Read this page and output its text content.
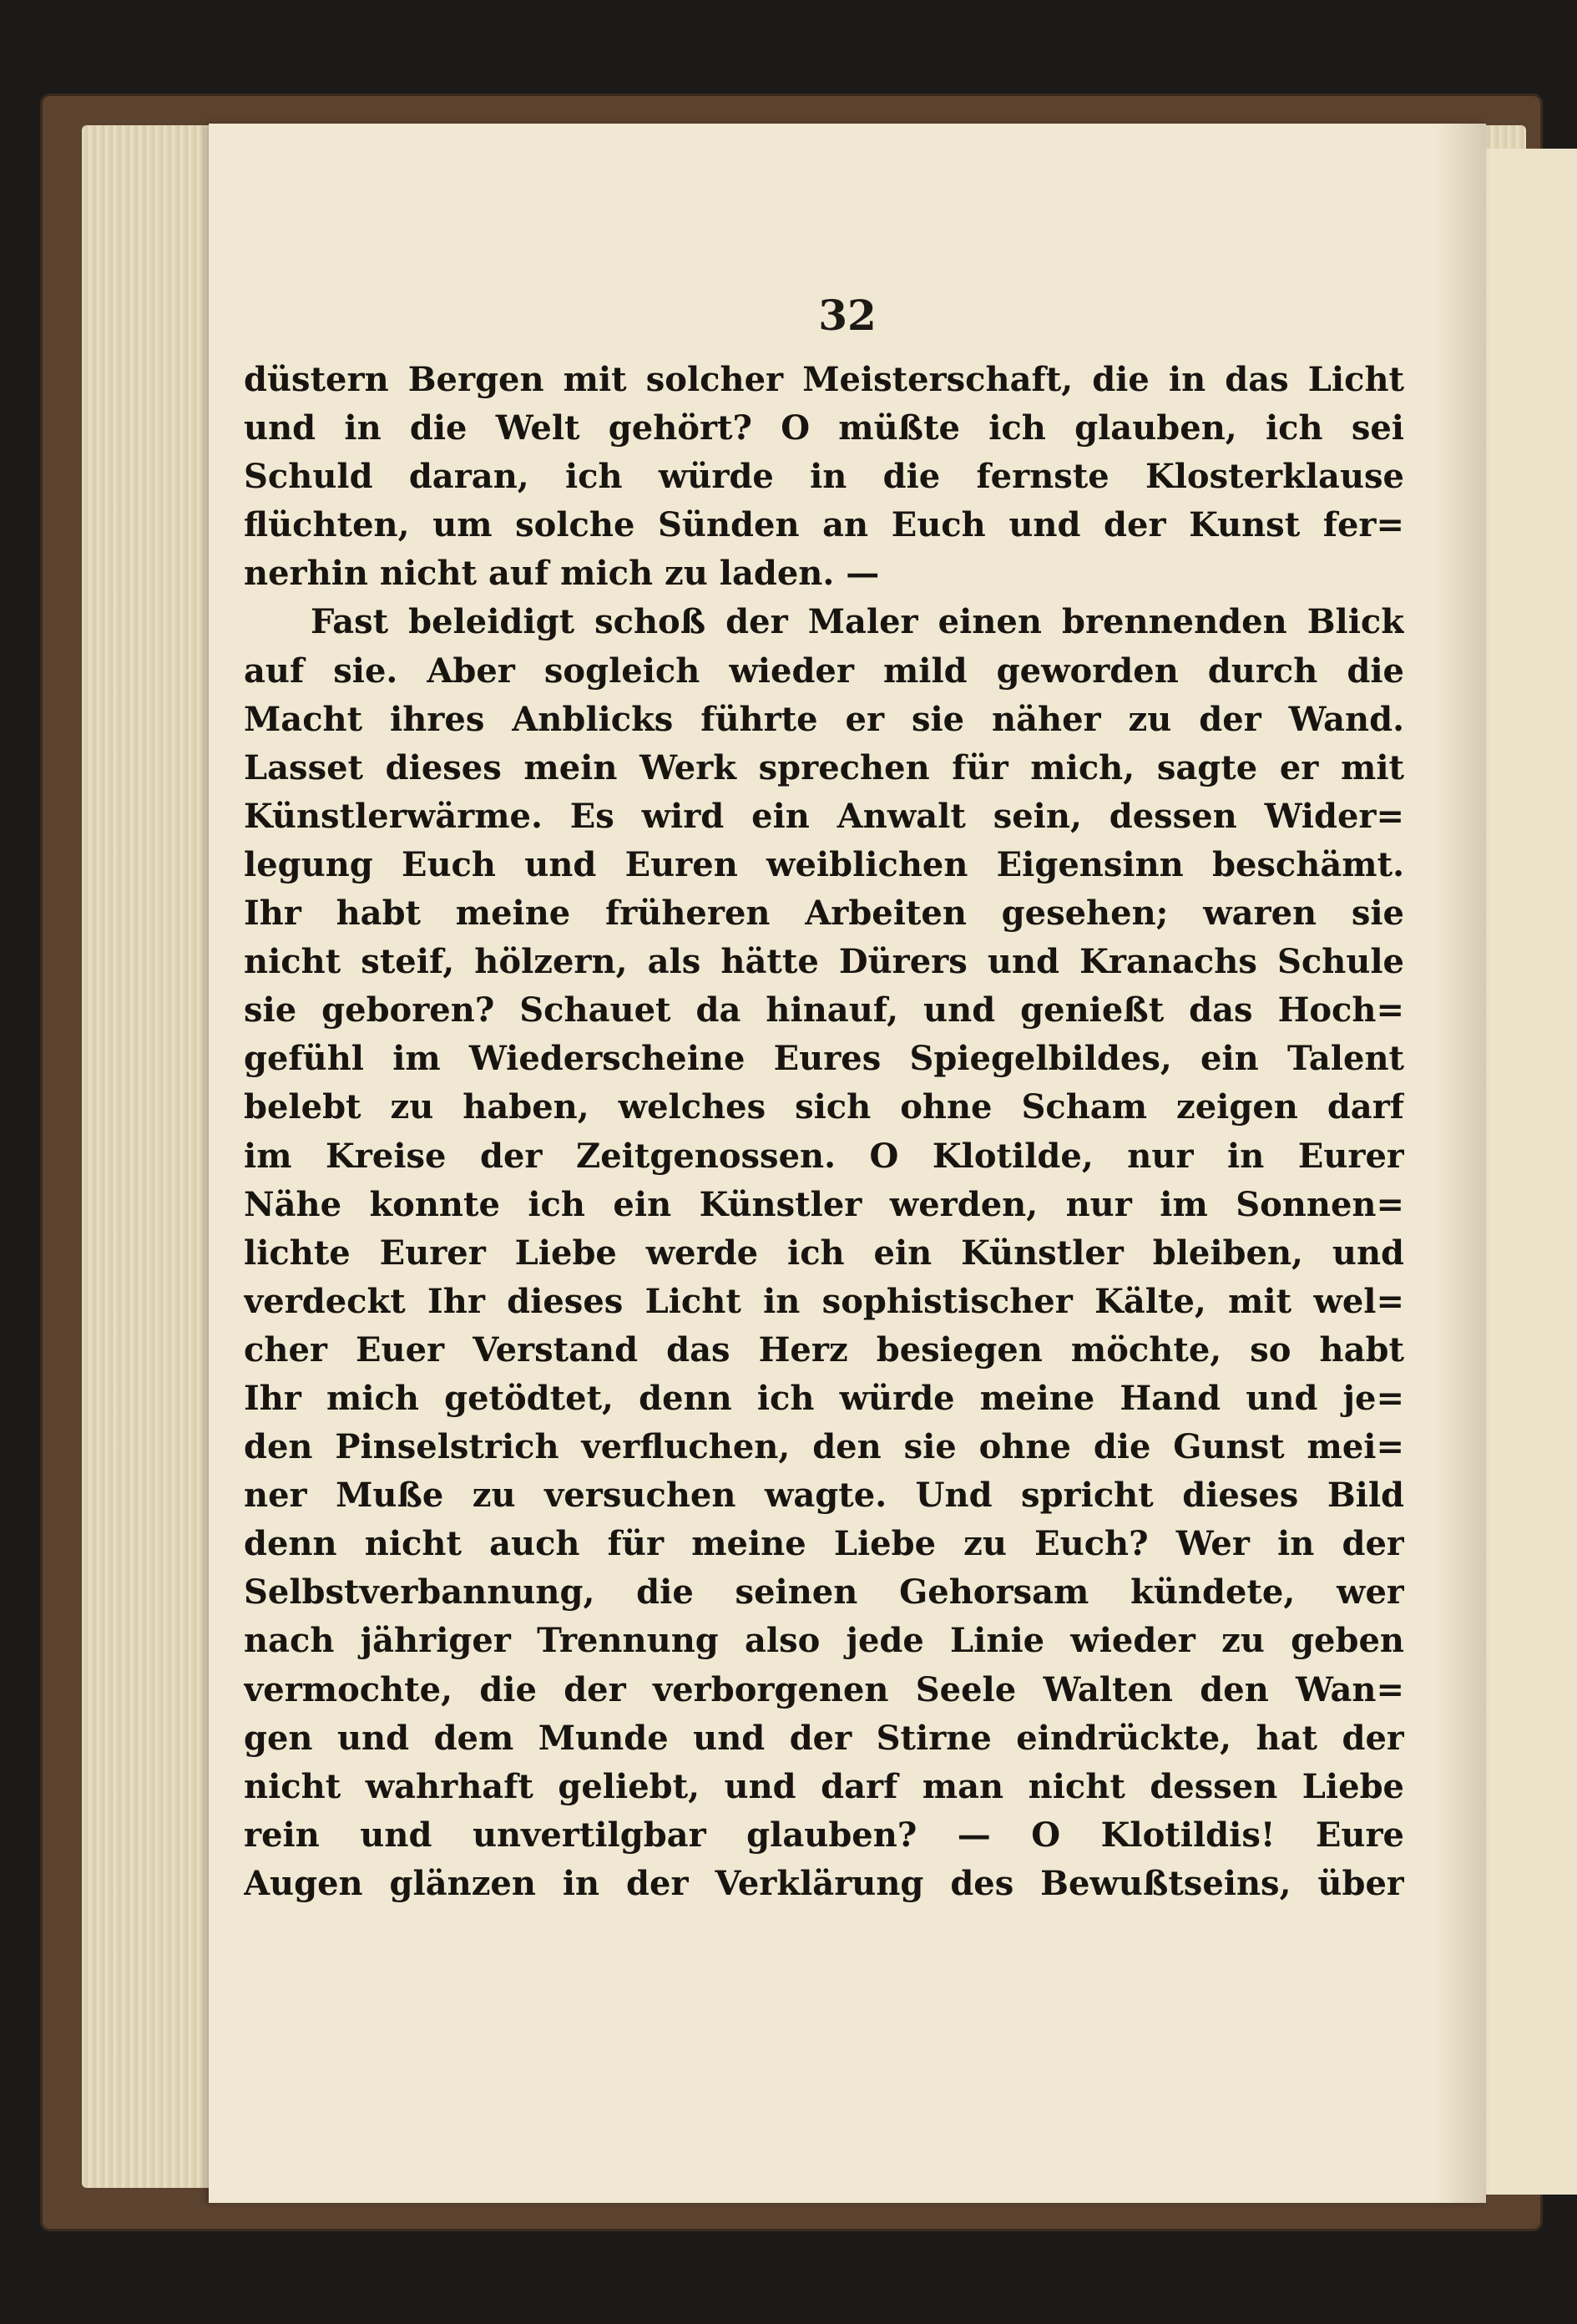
32
düstern Bergen mit solcher Meisterschaft, die in das Licht
und in die Welt gehört? O müßte ich glauben, ich sei
Schuld daran, ich würde in die fernste Klosterklause
flüchten, um solche Sünden an Euch und der Kunst fer=
nerhin nicht auf mich zu laden. —
Fast beleidigt schoß der Maler einen brennenden Blick
auf sie. Aber sogleich wieder mild geworden durch die
Macht ihres Anblicks führte er sie näher zu der Wand.
Lasset dieses mein Werk sprechen für mich, sagte er mit
Künstlerwärme. Es wird ein Anwalt sein, dessen Wider=
legung Euch und Euren weiblichen Eigensinn beschämt.
Ihr habt meine früheren Arbeiten gesehen; waren sie
nicht steif, hölzern, als hätte Dürers und Kranachs Schule
sie geboren? Schauet da hinauf, und genießt das Hoch=
gefühl im Wiederscheine Eures Spiegelbildes, ein Talent
belebt zu haben, welches sich ohne Scham zeigen darf
im Kreise der Zeitgenossen. O Klotilde, nur in Eurer
Nähe konnte ich ein Künstler werden, nur im Sonnen=
lichte Eurer Liebe werde ich ein Künstler bleiben, und
verdeckt Ihr dieses Licht in sophistischer Kälte, mit wel=
cher Euer Verstand das Herz besiegen möchte, so habt
Ihr mich getödtet, denn ich würde meine Hand und je=
den Pinselstrich verfluchen, den sie ohne die Gunst mei=
ner Muße zu versuchen wagte. Und spricht dieses Bild
denn nicht auch für meine Liebe zu Euch? Wer in der
Selbstverbannung, die seinen Gehorsam kündete, wer
nach jähriger Trennung also jede Linie wieder zu geben
vermochte, die der verborgenen Seele Walten den Wan=
gen und dem Munde und der Stirne eindrückte, hat der
nicht wahrhaft geliebt, und darf man nicht dessen Liebe
rein und unvertilgbar glauben? — O Klotildis! Eure
Augen glänzen in der Verklärung des Bewußtseins, über
